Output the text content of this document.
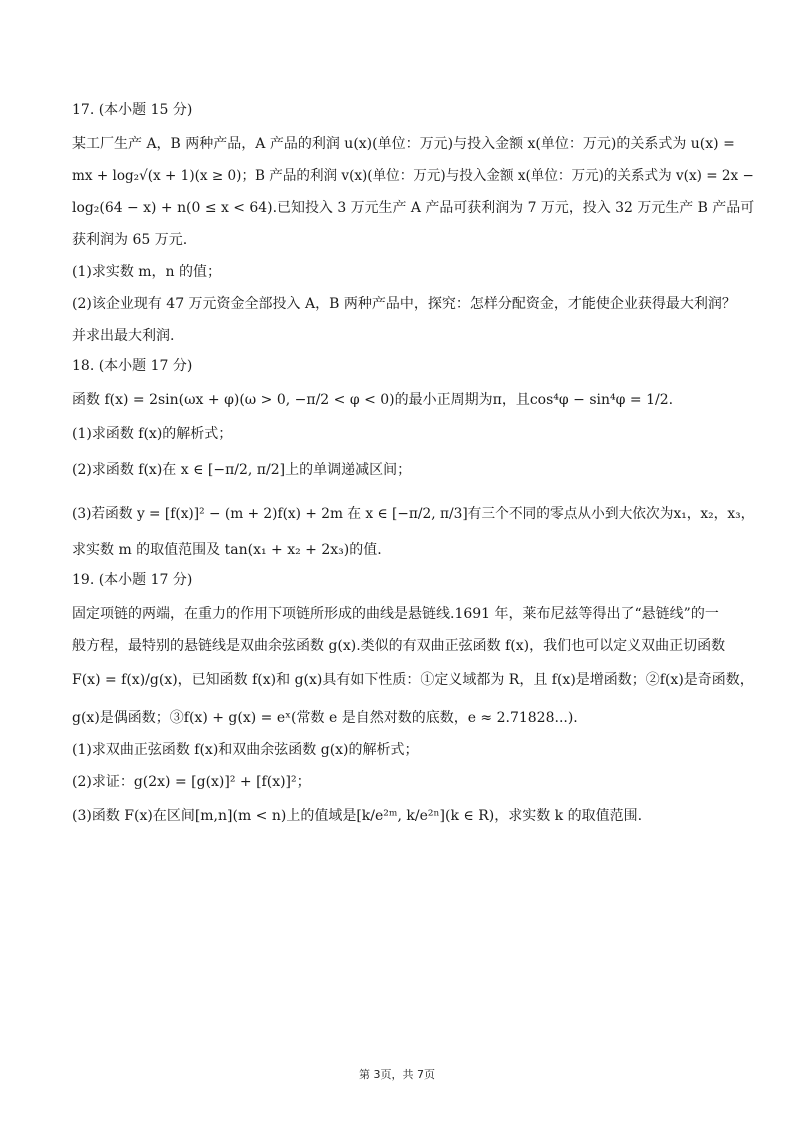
17. (本小题 15 分)
某工厂生产 A，B 两种产品，A 产品的利润 u(x)(单位：万元)与投入金额 x(单位：万元)的关系式为 u(x) =
mx + log₂√(x + 1)(x ≥ 0)；B 产品的利润 v(x)(单位：万元)与投入金额 x(单位：万元)的关系式为 v(x) = 2x −
log₂(64 − x) + n(0 ≤ x < 64).已知投入 3 万元生产 A 产品可获利润为 7 万元，投入 32 万元生产 B 产品可
获利润为 65 万元.
(1)求实数 m，n 的值；
(2)该企业现有 47 万元资金全部投入 A，B 两种产品中，探究：怎样分配资金，才能使企业获得最大利润？
并求出最大利润.
18. (本小题 17 分)
函数 f(x) = 2sin(ωx + φ)(ω > 0, −π/2 < φ < 0)的最小正周期为π，且cos⁴φ − sin⁴φ = 1/2.
(1)求函数 f(x)的解析式；
(2)求函数 f(x)在 x ∈ [−π/2, π/2]上的单调递减区间；
(3)若函数 y = [f(x)]² − (m + 2)f(x) + 2m 在 x ∈ [−π/2, π/3]有三个不同的零点从小到大依次为x₁，x₂，x₃，
求实数 m 的取值范围及 tan(x₁ + x₂ + 2x₃)的值.
19. (本小题 17 分)
固定项链的两端，在重力的作用下项链所形成的曲线是悬链线.1691 年，莱布尼兹等得出了“悬链线”的一
般方程，最特别的悬链线是双曲余弦函数 g(x).类似的有双曲正弦函数 f(x)，我们也可以定义双曲正切函数
F(x) = f(x)/g(x)，已知函数 f(x)和 g(x)具有如下性质：①定义域都为 R，且 f(x)是增函数；②f(x)是奇函数，
g(x)是偶函数；③f(x) + g(x) = eˣ(常数 e 是自然对数的底数，e ≈ 2.71828...).
(1)求双曲正弦函数 f(x)和双曲余弦函数 g(x)的解析式；
(2)求证：g(2x) = [g(x)]² + [f(x)]²；
(3)函数 F(x)在区间[m,n](m < n)上的值域是[k/e²ᵐ, k/e²ⁿ](k ∈ R)，求实数 k 的取值范围.
第 3页，共 7页
